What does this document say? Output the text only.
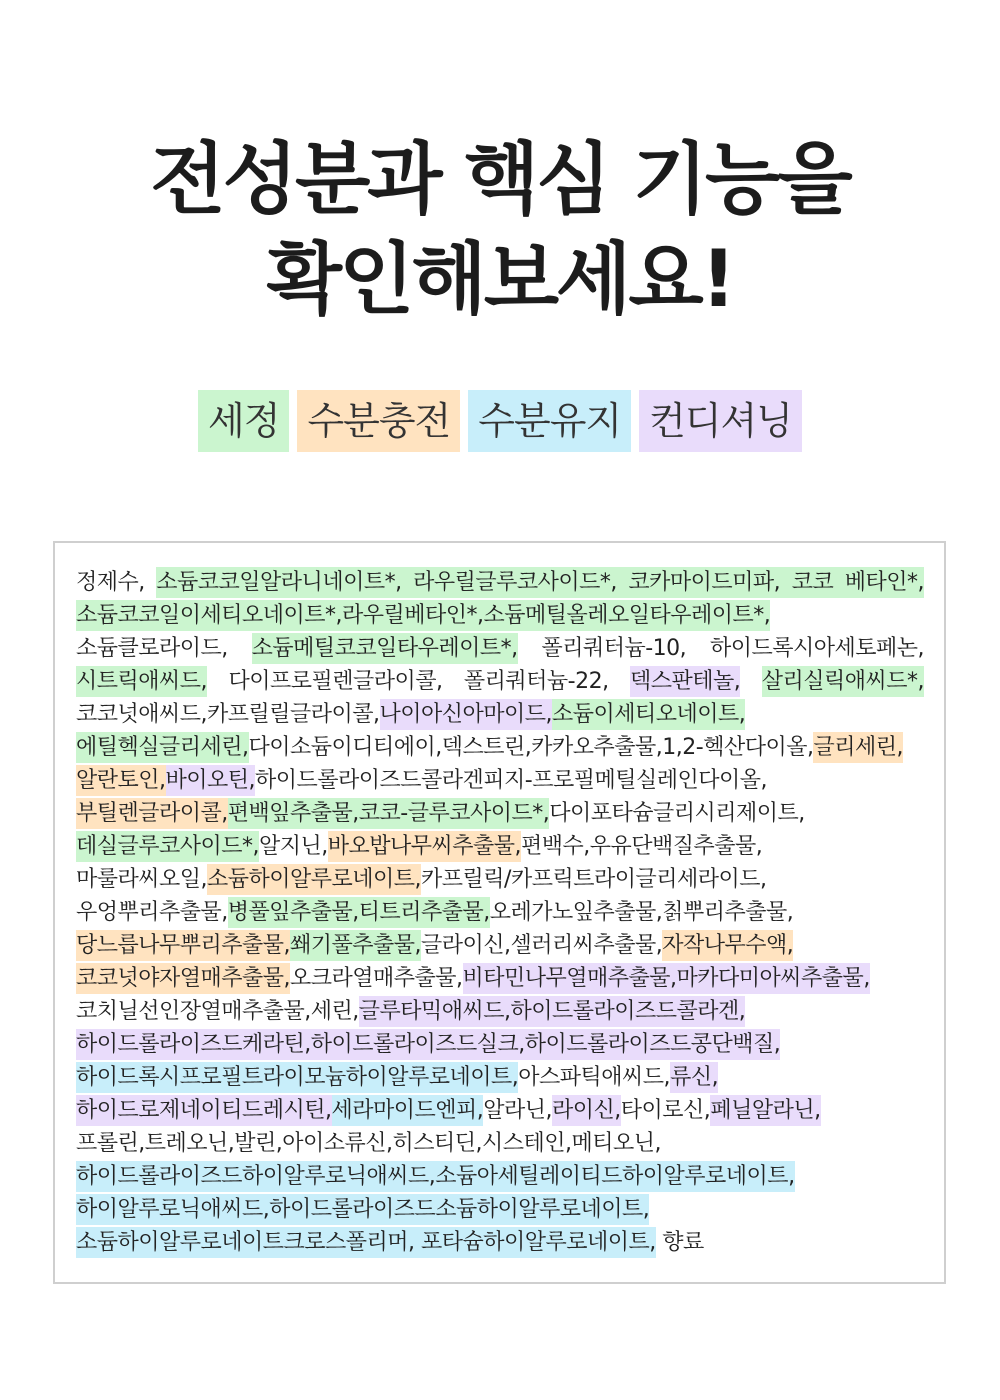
전성분과 핵심 기능을
확인해보세요!
세정 수분충전 수분유지 컨디셔닝
정제수, 소듐코코일알라니네이트*, 라우릴글루코사이드*, 코카마이드미파, 코코 베타인*,
소듐코코일이세티오네이트*,라우릴베타인*,소듐메틸올레오일타우레이트*,
소듐클로라이드, 소듐메틸코코일타우레이트*, 폴리쿼터늄-10, 하이드록시아세토페논,
시트릭애씨드, 다이프로필렌글라이콜, 폴리쿼터늄-22, 덱스판테놀, 살리실릭애씨드*,
코코넛애씨드,카프릴릴글라이콜,나이아신아마이드,소듐이세티오네이트,
에틸헥실글리세린,다이소듐이디티에이,덱스트린,카카오추출물,1,2-헥산다이올,글리세린,
알란토인,바이오틴,하이드롤라이즈드콜라겐피지-프로필메틸실레인다이올,
부틸렌글라이콜,편백잎추출물,코코-글루코사이드*,다이포타슘글리시리제이트,
데실글루코사이드*,알지닌,바오밥나무씨추출물,편백수,우유단백질추출물,
마룰라씨오일,소듐하이알루로네이트,카프릴릭/카프릭트라이글리세라이드,
우엉뿌리추출물,병풀잎추출물,티트리추출물,오레가노잎추출물,칡뿌리추출물,
당느릅나무뿌리추출물,쐐기풀추출물,글라이신,셀러리씨추출물,자작나무수액,
코코넛야자열매추출물,오크라열매추출물,비타민나무열매추출물,마카다미아씨추출물,
코치닐선인장열매추출물,세린,글루타믹애씨드,하이드롤라이즈드콜라겐,
하이드롤라이즈드케라틴,하이드롤라이즈드실크,하이드롤라이즈드콩단백질,
하이드록시프로필트라이모늄하이알루로네이트,아스파틱애씨드,류신,
하이드로제네이티드레시틴,세라마이드엔피,알라닌,라이신,타이로신,페닐알라닌,
프롤린,트레오닌,발린,아이소류신,히스티딘,시스테인,메티오닌,
하이드롤라이즈드하이알루로닉애씨드,소듐아세틸레이티드하이알루로네이트,
하이알루로닉애씨드,하이드롤라이즈드소듐하이알루로네이트,
소듐하이알루로네이트크로스폴리머, 포타슘하이알루로네이트, 향료
